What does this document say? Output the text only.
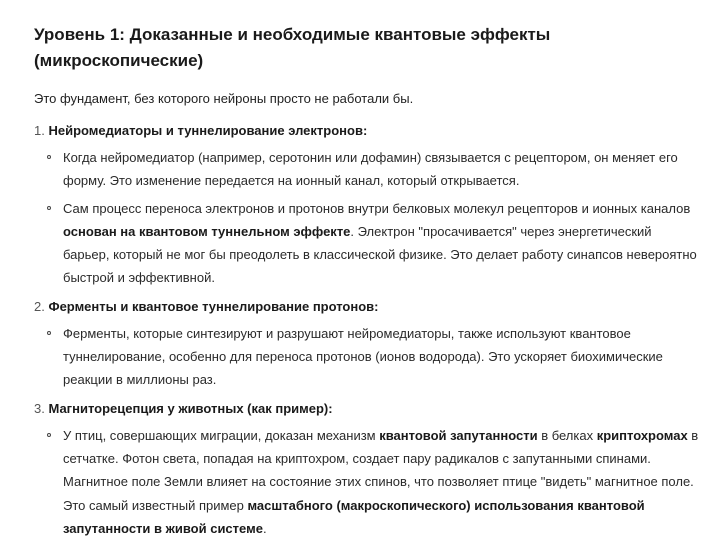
Уровень 1: Доказанные и необходимые квантовые эффекты (микроскопические)

Это фундамент, без которого нейроны просто не работали бы.

1. Нейромедиаторы и туннелирование электронов:
Когда нейромедиатор (например, серотонин или дофамин) связывается с рецептором, он меняет его форму. Это изменение передается на ионный канал, который открывается.
Сам процесс переноса электронов и протонов внутри белковых молекул рецепторов и ионных каналов основан на квантовом туннельном эффекте. Электрон "просачивается" через энергетический барьер, который не мог бы преодолеть в классической физике. Это делает работу синапсов невероятно быстрой и эффективной.
2. Ферменты и квантовое туннелирование протонов:
Ферменты, которые синтезируют и разрушают нейромедиаторы, также используют квантовое туннелирование, особенно для переноса протонов (ионов водорода). Это ускоряет биохимические реакции в миллионы раз.
3. Магниторецепция у животных (как пример):
У птиц, совершающих миграции, доказан механизм квантовой запутанности в белках криптохромах в сетчатке. Фотон света, попадая на криптохром, создает пару радикалов с запутанными спинами. Магнитное поле Земли влияет на состояние этих спинов, что позволяет птице "видеть" магнитное поле. Это самый известный пример масштабного (макроскопического) использования квантовой запутанности в живой системе.
